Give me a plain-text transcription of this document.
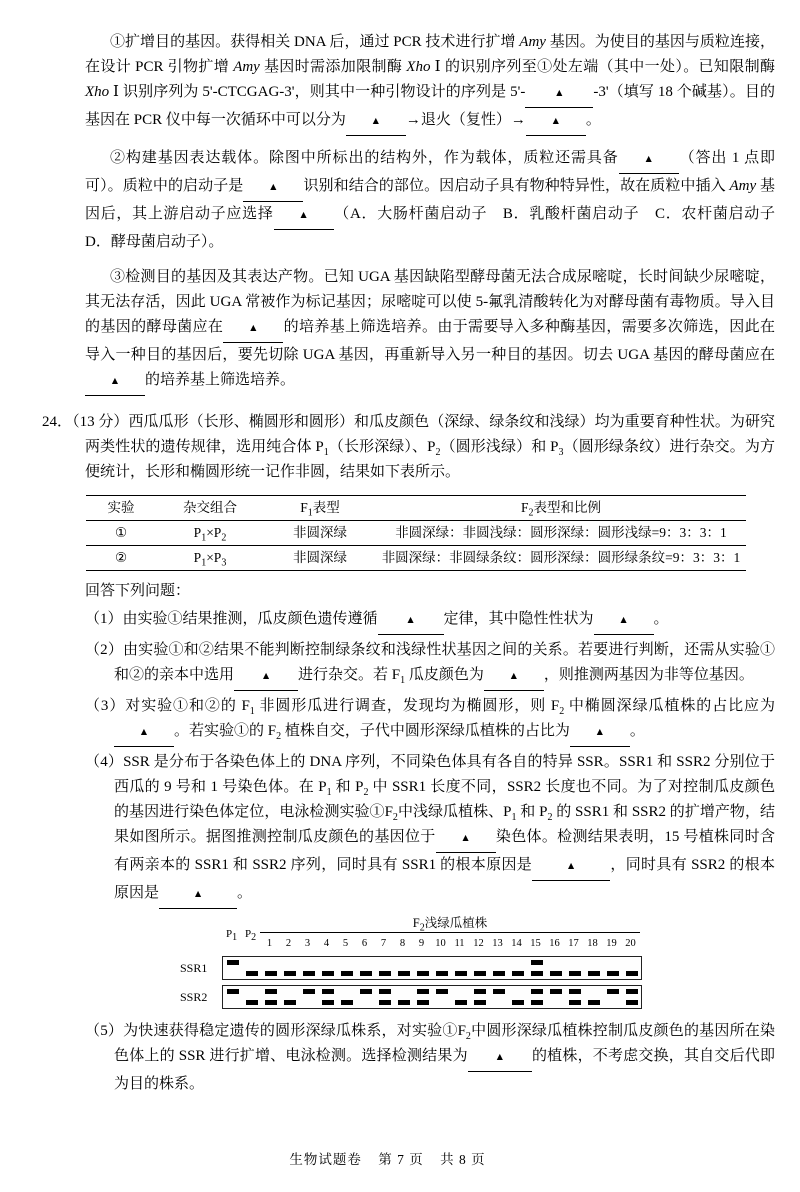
①扩增目的基因。获得相关 DNA 后，通过 PCR 技术进行扩增 Amy 基因。为使目的基因与质粒连接，在设计 PCR 引物扩增 Amy 基因时需添加限制酶 Xho Ⅰ 的识别序列至①处左端（其中一处）。已知限制酶 Xho Ⅰ 识别序列为 5'-CTCGAG-3'，则其中一种引物设计的序列是 5'-	▲ -3'（填写 18 个碱基）。目的基因在 PCR 仪中每一次循环中可以分为 ▲ →退火（复性）→ ▲ 。

②构建基因表达载体。除图中所标出的结构外，作为载体，质粒还需具备 ▲ （答出 1 点即可）。质粒中的启动子是 ▲ 识别和结合的部位。因启动子具有物种特异性，故在质粒中插入 Amy 基因后，其上游启动子应选择 ▲ （A．大肠杆菌启动子　B．乳酸杆菌启动子　C．农杆菌启动子　D．酵母菌启动子）。

③检测目的基因及其表达产物。已知 UGA 基因缺陷型酵母菌无法合成尿嘧啶，长时间缺少尿嘧啶，其无法存活，因此 UGA 常被作为标记基因；尿嘧啶可以使 5-氟乳清酸转化为对酵母菌有毒物质。导入目的基因的酵母菌应在 ▲ 的培养基上筛选培养。由于需要导入多种酶基因，需要多次筛选，因此在导入一种目的基因后，要先切除 UGA 基因，再重新导入另一种目的基因。切去 UGA 基因的酵母菌应在▲ 的培养基上筛选培养。

24．（13 分）西瓜瓜形（长形、椭圆形和圆形）和瓜皮颜色（深绿、绿条纹和浅绿）均为重要育种性状。为研究两类性状的遗传规律，选用纯合体 $P_1$（长形深绿）、$P_2$（圆形浅绿）和 $P_3$（圆形绿条纹）进行杂交。为方便统计，长形和椭圆形统一记作非圆，结果如下表所示。

实验	杂交组合	$F_1$表型	$F_2$表型和比例
①	$P_1\times P_2$	非圆深绿	非圆深绿：非圆浅绿：圆形深绿：圆形浅绿=9：3：3：1
②	$P_1\times P_3$	非圆深绿	非圆深绿：非圆绿条纹：圆形深绿：圆形绿条纹=9：3：3：1

回答下列问题：

（1）由实验①结果推测，瓜皮颜色遗传遵循	▲ 定律，其中隐性性状为 ▲ 。

（2）由实验①和②结果不能判断控制绿条纹和浅绿性状基因之间的关系。若要进行判断，还需从实验①和②的亲本中选用	▲ 进行杂交。若 $F_1$ 瓜皮颜色为 ▲ ，则推测两基因为非等位基因。

（3）对实验①和②的 $F_1$ 非圆形瓜进行调查，发现均为椭圆形，则 $F_2$ 中椭圆深绿瓜植株的占比应为▲ 。若实验①的 $F_2$ 植株自交，子代中圆形深绿瓜植株的占比为 ▲ 。

（4）SSR 是分布于各染色体上的 DNA 序列，不同染色体具有各自的特异 SSR。SSR1 和 SSR2 分别位于西瓜的 9 号和 1 号染色体。在 $P_1$ 和 $P_2$ 中 SSR1 长度不同，SSR2 长度也不同。为了对控制瓜皮颜色的基因进行染色体定位，电泳检测实验$①F_2$中浅绿瓜植株、$P_1$ 和 $P_2$ 的 SSR1 和 SSR2 的扩增产物，结果如图所示。据图推测控制瓜皮颜色的基因位于 ▲ 染色体。检测结果表明，15 号植株同时含有两亲本的 SSR1 和 SSR2 序列，同时具有 SSR1 的根本原因是	▲ ，同时具有 SSR2 的根本原因是	▲ 。

$F_2$浅绿瓜植株
$P_1$ $P_2$
1	2	3	4	5	6	7	8	9	10 11 12 13 14 15 16 17 18 19 20
SSR1
SSR2

（5）为快速获得稳定遗传的圆形深绿瓜株系，对实验$①F_2$中圆形深绿瓜植株控制瓜皮颜色的基因所在染色体上的 SSR 进行扩增、电泳检测。选择检测结果为	▲ 的植株，不考虑交换，其自交后代即为目的株系。

生物试题卷 第 7 页 共 8 页
